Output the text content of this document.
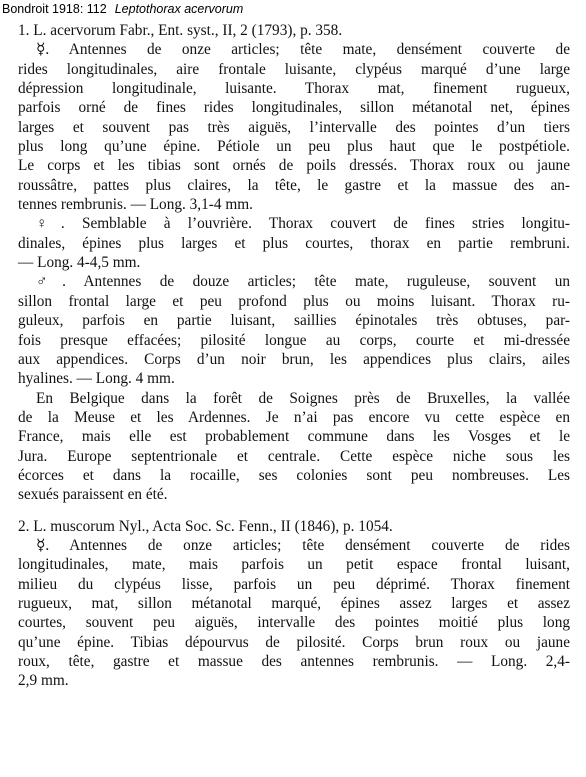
Bondroit 1918: 112 Leptothorax acervorum
1. L. acervorum Fabr., Ent. syst., II, 2 (1793), p. 358.
☿. Antennes de onze articles; tête mate, densément couverte de
rides longitudinales, aire frontale luisante, clypéus marqué d’une large
dépression longitudinale, luisante. Thorax mat, finement rugueux,
parfois orné de fines rides longitudinales, sillon métanotal net, épines
larges et souvent pas très aiguës, l’intervalle des pointes d’un tiers
plus long qu’une épine. Pétiole un peu plus haut que le postpétiole.
Le corps et les tibias sont ornés de poils dressés. Thorax roux ou jaune
roussâtre, pattes plus claires, la tête, le gastre et la massue des an-
tennes rembrunis. — Long. 3,1-4 mm.
♀. Semblable à l’ouvrière. Thorax couvert de fines stries longitu-
dinales, épines plus larges et plus courtes, thorax en partie rembruni.
— Long. 4-4,5 mm.
♂. Antennes de douze articles; tête mate, ruguleuse, souvent un
sillon frontal large et peu profond plus ou moins luisant. Thorax ru-
guleux, parfois en partie luisant, saillies épinotales très obtuses, par-
fois presque effacées; pilosité longue au corps, courte et mi-dressée
aux appendices. Corps d’un noir brun, les appendices plus clairs, ailes
hyalines. — Long. 4 mm.
En Belgique dans la forêt de Soignes près de Bruxelles, la vallée
de la Meuse et les Ardennes. Je n’ai pas encore vu cette espèce en
France, mais elle est probablement commune dans les Vosges et le
Jura. Europe septentrionale et centrale. Cette espèce niche sous les
écorces et dans la rocaille, ses colonies sont peu nombreuses. Les
sexués paraissent en été.
2. L. muscorum Nyl., Acta Soc. Sc. Fenn., II (1846), p. 1054.
☿. Antennes de onze articles; tête densément couverte de rides
longitudinales, mate, mais parfois un petit espace frontal luisant,
milieu du clypéus lisse, parfois un peu déprimé. Thorax finement
rugueux, mat, sillon métanotal marqué, épines assez larges et assez
courtes, souvent peu aiguës, intervalle des pointes moitié plus long
qu’une épine. Tibias dépourvus de pilosité. Corps brun roux ou jaune
roux, tête, gastre et massue des antennes rembrunis. — Long. 2,4-
2,9 mm.
